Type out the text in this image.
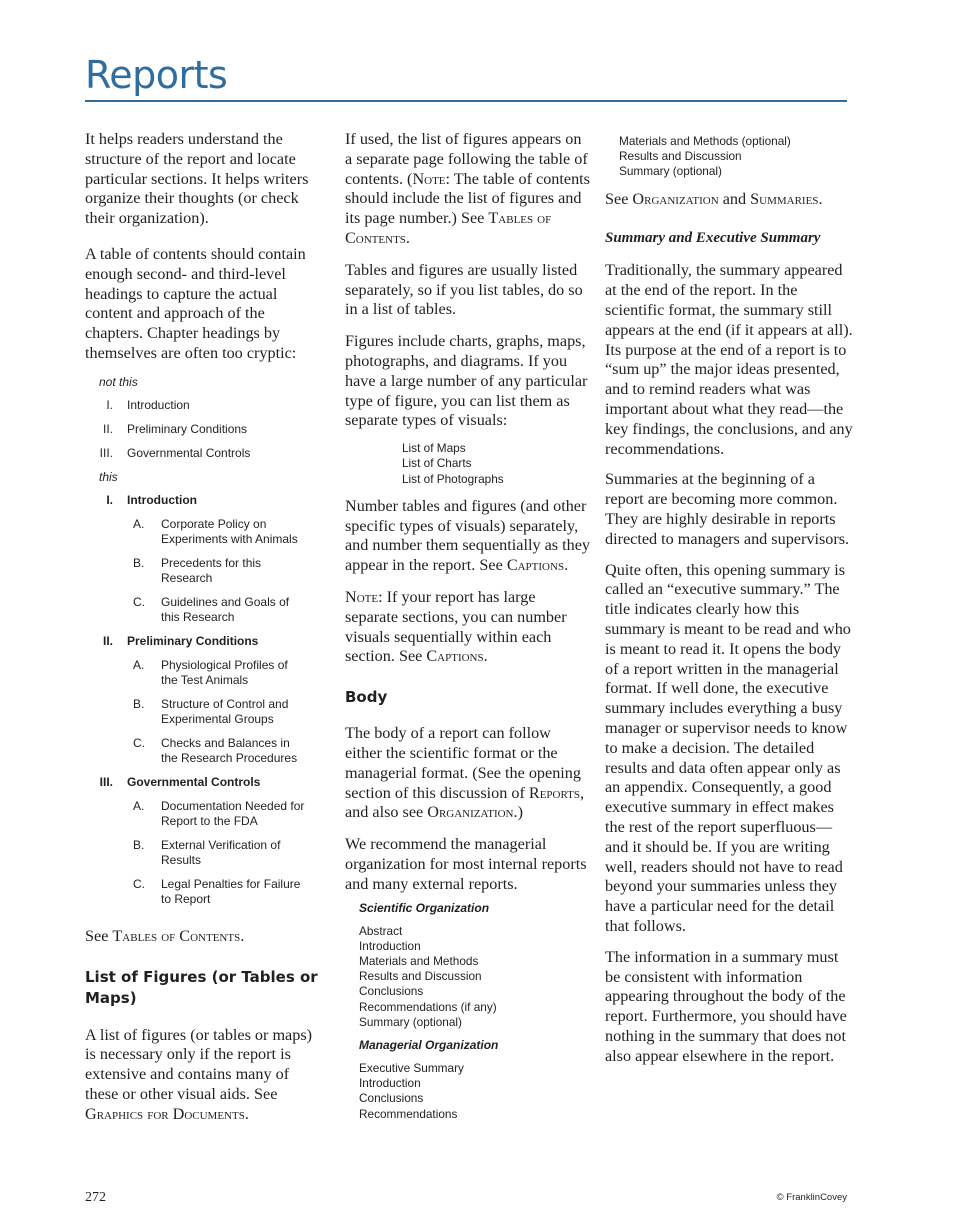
Reports

It helps readers understand the structure of the report and locate particular sections. It helps writers organize their thoughts (or check their organization).

A table of contents should contain enough second- and third-level headings to capture the actual content and approach of the chapters. Chapter headings by themselves are often too cryptic:

not this
I. Introduction
II. Preliminary Conditions
III. Governmental Controls
this
I. Introduction
A.	Corporate Policy on Experiments with Animals
B.	Precedents for this Research
C.	Guidelines and Goals of this Research
II. Preliminary Conditions
A.	Physiological Profiles of the Test Animals
B.	Structure of Control and Experimental Groups
C.	Checks and Balances in the Research Procedures
III. Governmental Controls
A.	Documentation Needed for Report to the FDA
B.	External Verification of Results
C.	Legal Penalties for Failure to Report

See Tables of Contents.

List of Figures (or Tables or Maps)

A list of figures (or tables or maps) is necessary only if the report is extensive and contains many of these or other visual aids. See Graphics for Documents.

If used, the list of figures appears on a separate page following the table of contents. (Note: The table of contents should include the list of figures and its page number.) See Tables of Contents.

Tables and figures are usually listed separately, so if you list tables, do so in a list of tables.

Figures include charts, graphs, maps, photographs, and diagrams. If you have a large number of any particular type of figure, you can list them as separate types of visuals:

List of Maps
List of Charts
List of Photographs

Number tables and figures (and other specific types of visuals) separately, and number them sequentially as they appear in the report. See Captions.

Note: If your report has large separate sections, you can number visuals sequentially within each section. See Captions.

Body

The body of a report can follow either the scientific format or the managerial format. (See the opening section of this discussion of Reports, and also see Organization.)

We recommend the managerial organization for most internal reports and many external reports.

Scientific Organization
Abstract
Introduction
Materials and Methods
Results and Discussion
Conclusions
Recommendations (if any)
Summary (optional)
Managerial Organization
Executive Summary
Introduction
Conclusions
Recommendations
Materials and Methods (optional)
Results and Discussion
Summary (optional)

See Organization and Summaries.

Summary and Executive Summary

Traditionally, the summary appeared at the end of the report. In the scientific format, the summary still appears at the end (if it appears at all). Its purpose at the end of a report is to “sum up” the major ideas presented, and to remind readers what was important about what they read—the key findings, the conclusions, and any recommendations.

Summaries at the beginning of a report are becoming more common. They are highly desirable in reports directed to managers and supervisors.

Quite often, this opening summary is called an “executive summary.” The title indicates clearly how this summary is meant to be read and who is meant to read it. It opens the body of a report written in the managerial format. If well done, the executive summary includes everything a busy manager or supervisor needs to know to make a decision. The detailed results and data often appear only as an appendix. Consequently, a good executive summary in effect makes the rest of the report superfluous—and it should be. If you are writing well, readers should not have to read beyond your summaries unless they have a particular need for the detail that follows.

The information in a summary must be consistent with information appearing throughout the body of the report. Furthermore, you should have nothing in the summary that does not also appear elsewhere in the report.

272	© FranklinCovey
